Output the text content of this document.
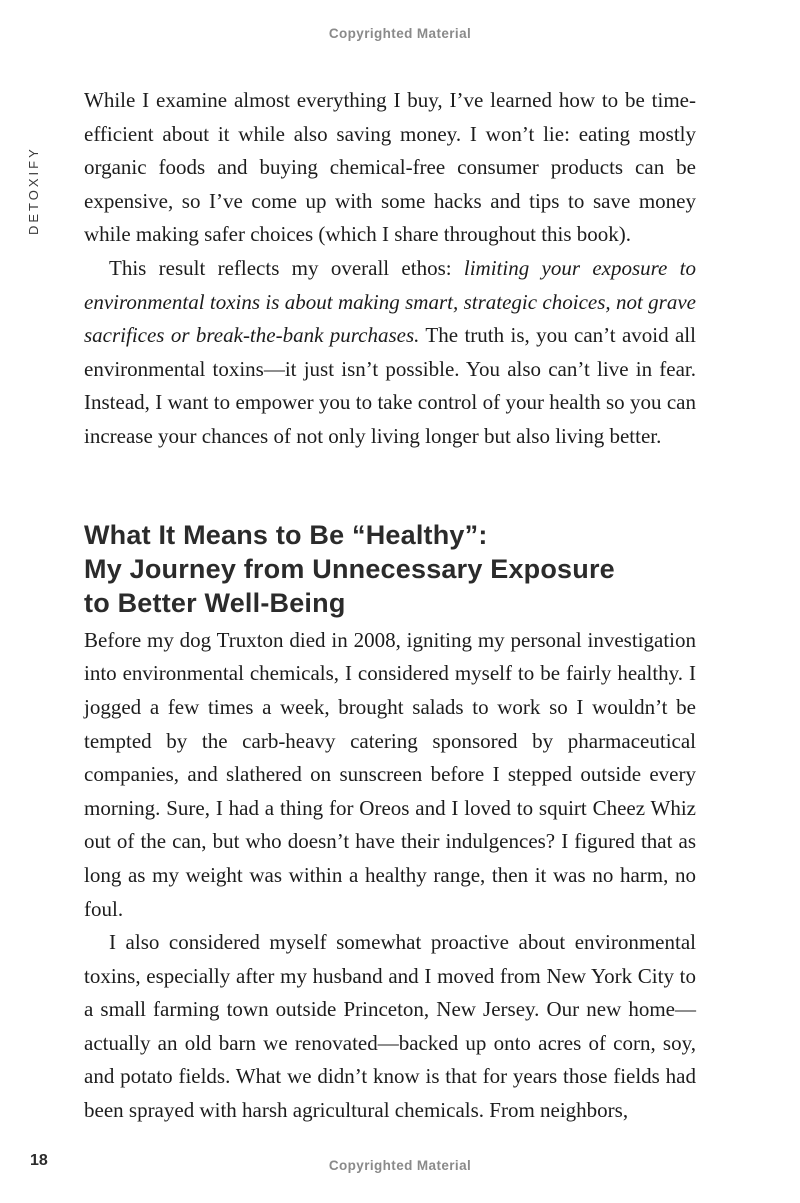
Copyrighted Material
DETOXIFY

While I examine almost everything I buy, I’ve learned how to be time-efficient about it while also saving money. I won’t lie: eating mostly organic foods and buying chemical-free consumer products can be expensive, so I’ve come up with some hacks and tips to save money while making safer choices (which I share throughout this book).

This result reflects my overall ethos: limiting your exposure to environmental toxins is about making smart, strategic choices, not grave sacrifices or break-the-bank purchases. The truth is, you can’t avoid all environmental toxins—it just isn’t possible. You also can’t live in fear. Instead, I want to empower you to take control of your health so you can increase your chances of not only living longer but also living better.

What It Means to Be “Healthy”:
My Journey from Unnecessary Exposure
to Better Well-Being

Before my dog Truxton died in 2008, igniting my personal investigation into environmental chemicals, I considered myself to be fairly healthy. I jogged a few times a week, brought salads to work so I wouldn’t be tempted by the carb-heavy catering sponsored by pharmaceutical companies, and slathered on sunscreen before I stepped outside every morning. Sure, I had a thing for Oreos and I loved to squirt Cheez Whiz out of the can, but who doesn’t have their indulgences? I figured that as long as my weight was within a healthy range, then it was no harm, no foul.

I also considered myself somewhat proactive about environmental toxins, especially after my husband and I moved from New York City to a small farming town outside Princeton, New Jersey. Our new home—actually an old barn we renovated—backed up onto acres of corn, soy, and potato fields. What we didn’t know is that for years those fields had been sprayed with harsh agricultural chemicals. From neighbors,

18	Copyrighted Material
